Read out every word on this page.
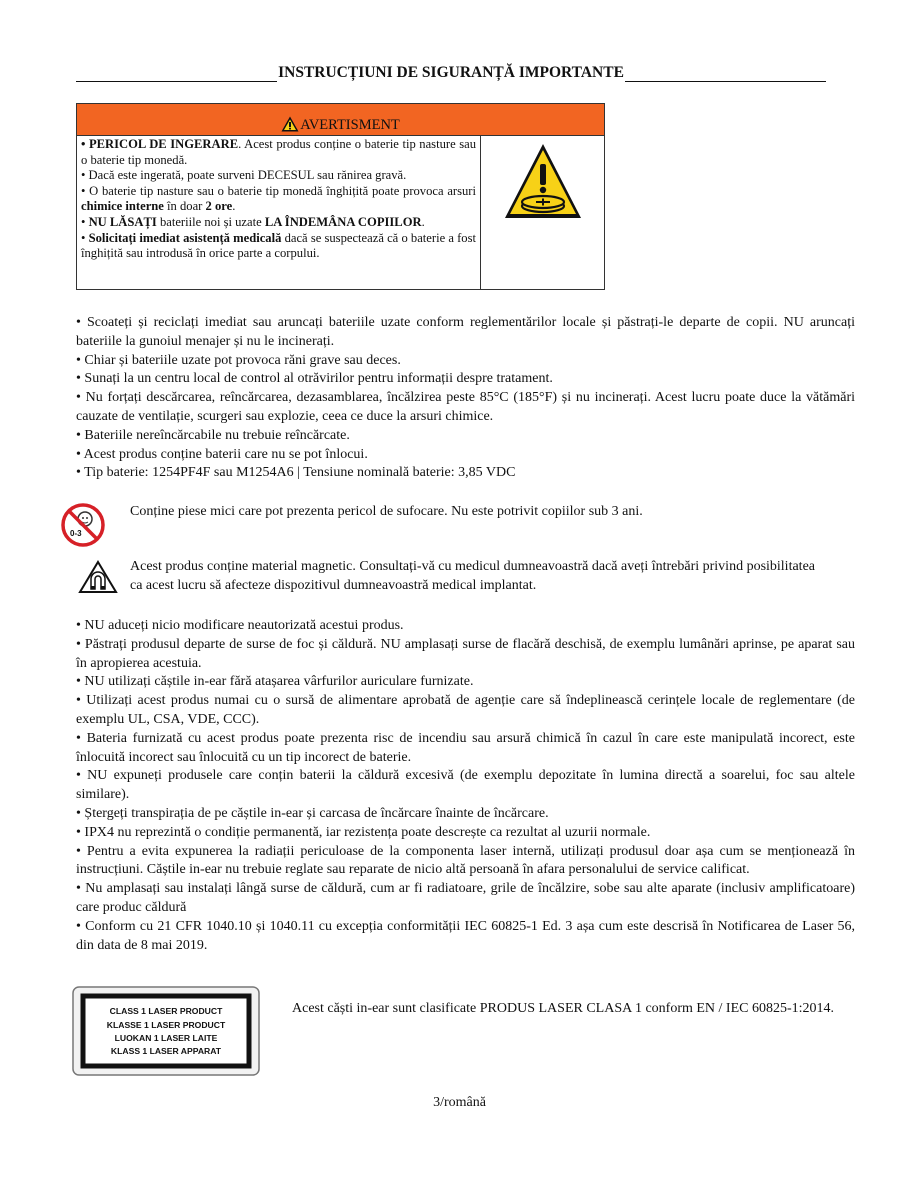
INSTRUCȚIUNI DE SIGURANȚĂ IMPORTANTE
AVERTISMENT

• PERICOL DE INGERARE. Acest produs conține o baterie tip nasture sau o baterie tip monedă.

• Dacă este ingerată, poate surveni DECESUL sau rănirea gravă.

• O baterie tip nasture sau o baterie tip monedă înghițită poate provoca arsuri chimice interne în doar 2 ore.

• NU LĂSAȚI bateriile noi și uzate LA ÎNDEMÂNA COPIILOR.

• Solicitați imediat asistență medicală dacă se suspectează că o baterie a fost înghițită sau introdusă în orice parte a corpului.

• Scoateți și reciclați imediat sau aruncați bateriile uzate conform reglementărilor locale și păstrați-le departe de copii. NU aruncați bateriile la gunoiul menajer și nu le incinerați.

• Chiar și bateriile uzate pot provoca răni grave sau deces.

• Sunați la un centru local de control al otrăvirilor pentru informații despre tratament.

• Nu forțați descărcarea, reîncărcarea, dezasamblarea, încălzirea peste 85°C (185°F) și nu incinerați. Acest lucru poate duce la vătămări cauzate de ventilație, scurgeri sau explozie, ceea ce duce la arsuri chimice.

• Bateriile nereîncărcabile nu trebuie reîncărcate.

• Acest produs conține baterii care nu se pot înlocui.

• Tip baterie: 1254PF4F sau M1254A6 | Tensiune nominală baterie: 3,85 VDC

0-3
Conține piese mici care pot prezenta pericol de sufocare. Nu este potrivit copiilor sub 3 ani.
Acest produs conține material magnetic. Consultați-vă cu medicul dumneavoastră dacă aveți întrebări privind posibilitatea ca acest lucru să afecteze dispozitivul dumneavoastră medical implantat.

• NU aduceți nicio modificare neautorizată acestui produs.

• Păstrați produsul departe de surse de foc și căldură. NU amplasați surse de flacără deschisă, de exemplu lumânări aprinse, pe aparat sau în apropierea acestuia.

• NU utilizați căștile in-ear fără atașarea vârfurilor auriculare furnizate.

• Utilizați acest produs numai cu o sursă de alimentare aprobată de agenție care să îndeplinească cerințele locale de reglementare (de exemplu UL, CSA, VDE, CCC).

• Bateria furnizată cu acest produs poate prezenta risc de incendiu sau arsură chimică în cazul în care este manipulată incorect, este înlocuită incorect sau înlocuită cu un tip incorect de baterie.

• NU expuneți produsele care conțin baterii la căldură excesivă (de exemplu depozitate în lumina directă a soarelui, foc sau altele similare).

• Ștergeți transpirația de pe căștile in-ear și carcasa de încărcare înainte de încărcare.

• IPX4 nu reprezintă o condiție permanentă, iar rezistența poate descrește ca rezultat al uzurii normale.

• Pentru a evita expunerea la radiații periculoase de la componenta laser internă, utilizați produsul doar așa cum se menționează în instrucțiuni. Căștile in-ear nu trebuie reglate sau reparate de nicio altă persoană în afara personalului de service calificat.

• Nu amplasați sau instalați lângă surse de căldură, cum ar fi radiatoare, grile de încălzire, sobe sau alte aparate (inclusiv amplificatoare) care produc căldură

• Conform cu 21 CFR 1040.10 și 1040.11 cu excepția conformității IEC 60825-1 Ed. 3 așa cum este descrisă în Notificarea de Laser 56, din data de 8 mai 2019.

CLASS 1 LASER PRODUCT
KLASSE 1 LASER PRODUCT
LUOKAN 1 LASER LAITE
KLASS 1 LASER APPARAT
Acest căști in-ear sunt clasificate PRODUS LASER CLASA 1 conform EN / IEC 60825-1:2014.
3/română
